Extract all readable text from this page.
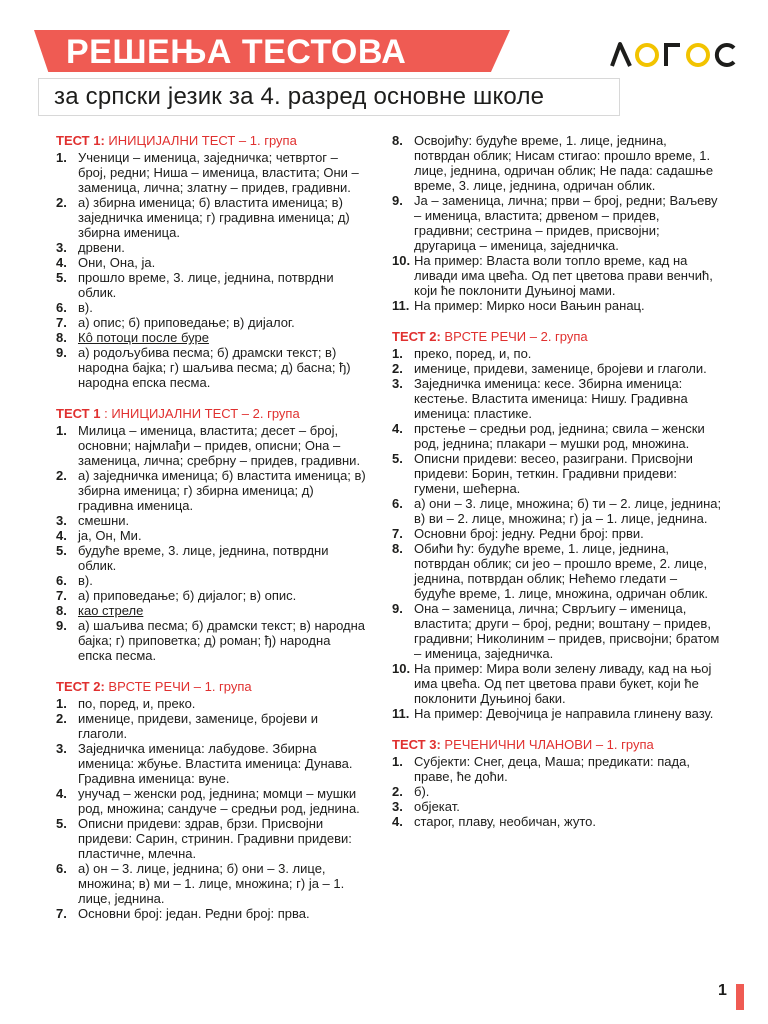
РЕШЕЊА ТЕСТОВА
за српски језик за 4. разред основне школе
ТЕСТ 1: ИНИЦИЈАЛНИ ТЕСТ – 1. група
1. Ученици – именица, заједничка; четвртог – број, редни; Ниша – именица, властита; Они – заменица, лична; златну – придев, градивни.
2. а) збирна именица; б) властита именица; в) заједничка именица; г) градивна именица; д) збирна именица.
3. дрвени.
4. Они, Она, ја.
5. прошло време, 3. лице, једнина, потврдни облик.
6. в).
7. а) опис; б) приповедање; в) дијалог.
8. Кô потоци после буре
9. а) родољубива песма; б) драмски текст; в) народна бајка; г) шаљива песма; д) басна; ђ) народна епска песма.
ТЕСТ 1 : ИНИЦИЈАЛНИ ТЕСТ – 2. група
1. Милица – именица, властита; десет – број, основни; најмлађи – придев, описни; Она – заменица, лична; сребрну – придев, градивни.
2. а) заједничка именица; б) властита именица; в) збирна именица; г) збирна именица; д) градивна именица.
3. смешни.
4. ја, Он, Ми.
5. будуће време, 3. лице, једнина, потврдни облик.
6. в).
7. а) приповедање; б) дијалог; в) опис.
8. као стреле
9. а) шаљива песма; б) драмски текст; в) народна бајка; г) приповетка; д) роман; ђ) народна епска песма.
ТЕСТ 2: ВРСТЕ РЕЧИ – 1. група
1. по, поред, и, преко.
2. именице, придеви, заменице, бројеви и глаголи.
3. Заједничка именица: лабудове. Збирна именица: жбуње. Властита именица: Дунава. Градивна именица: вуне.
4. унучад – женски род, једнина; момци – мушки род, множина; сандуче – средњи род, једнина.
5. Описни придеви: здрав, брзи. Присвојни придеви: Сарин, стринин. Градивни придеви: пластичне, млечна.
6. а) он – 3. лице, једнина; б) они – 3. лице, множина; в) ми – 1. лице, множина; г) ја – 1. лице, једнина.
7. Основни број: један. Редни број: прва.
8. Освојићу: будуће време, 1. лице, једнина, потврдан облик; Нисам стигао: прошло време, 1. лице, једнина, одричан облик; Не пада: садашње време, 3. лице, једнина, одричан облик.
9. Ја – заменица, лична; први – број, редни; Ваљеву – именица, властита; дрвеном – придев, градивни; сестрина – придев, присвојни; другарица – именица, заједничка.
10. На пример: Власта воли топло време, кад на ливади има цвећа. Од пет цветова прави венчић, који ће поклонити Дуњиној мами.
11. На пример: Мирко носи Вањин ранац.
ТЕСТ 2: ВРСТЕ РЕЧИ – 2. група
1. преко, поред, и, по.
2. именице, придеви, заменице, бројеви и глаголи.
3. Заједничка именица: кесе. Збирна именица: кестење. Властита именица: Нишу. Градивна именица: пластике.
4. прстење – средњи род, једнина; свила – женски род, једнина; плакари – мушки род, множина.
5. Описни придеви: весео, разиграни. Присвојни придеви: Борин, теткин. Градивни придеви: гумени, шећерна.
6. а) они – 3. лице, множина; б) ти – 2. лице, једнина; в) ви – 2. лице, множина; г) ја – 1. лице, једнина.
7. Основни број: једну. Редни број: први.
8. Обићи ћу: будуће време, 1. лице, једнина, потврдан облик; си јео – прошло време, 2. лице, једнина, потврдан облик; Нећемо гледати – будуће време, 1. лице, множина, одричан облик.
9. Она – заменица, лична; Сврљигу – именица, властита; други – број, редни; воштану – придев, градивни; Николиним – придев, присвојни; братом – именица, заједничка.
10. На пример: Мира воли зелену ливаду, кад на њој има цвећа. Од пет цветова прави букет, који ће поклонити Дуњиној баки.
11. На пример: Девојчица је направила глинену вазу.
ТЕСТ 3: РЕЧЕНИЧНИ ЧЛАНОВИ – 1. група
1. Субјекти: Снег, деца, Маша; предикати: пада, праве, ће доћи.
2. б).
3. објекат.
4. старог, плаву, необичан, жуто.
1
